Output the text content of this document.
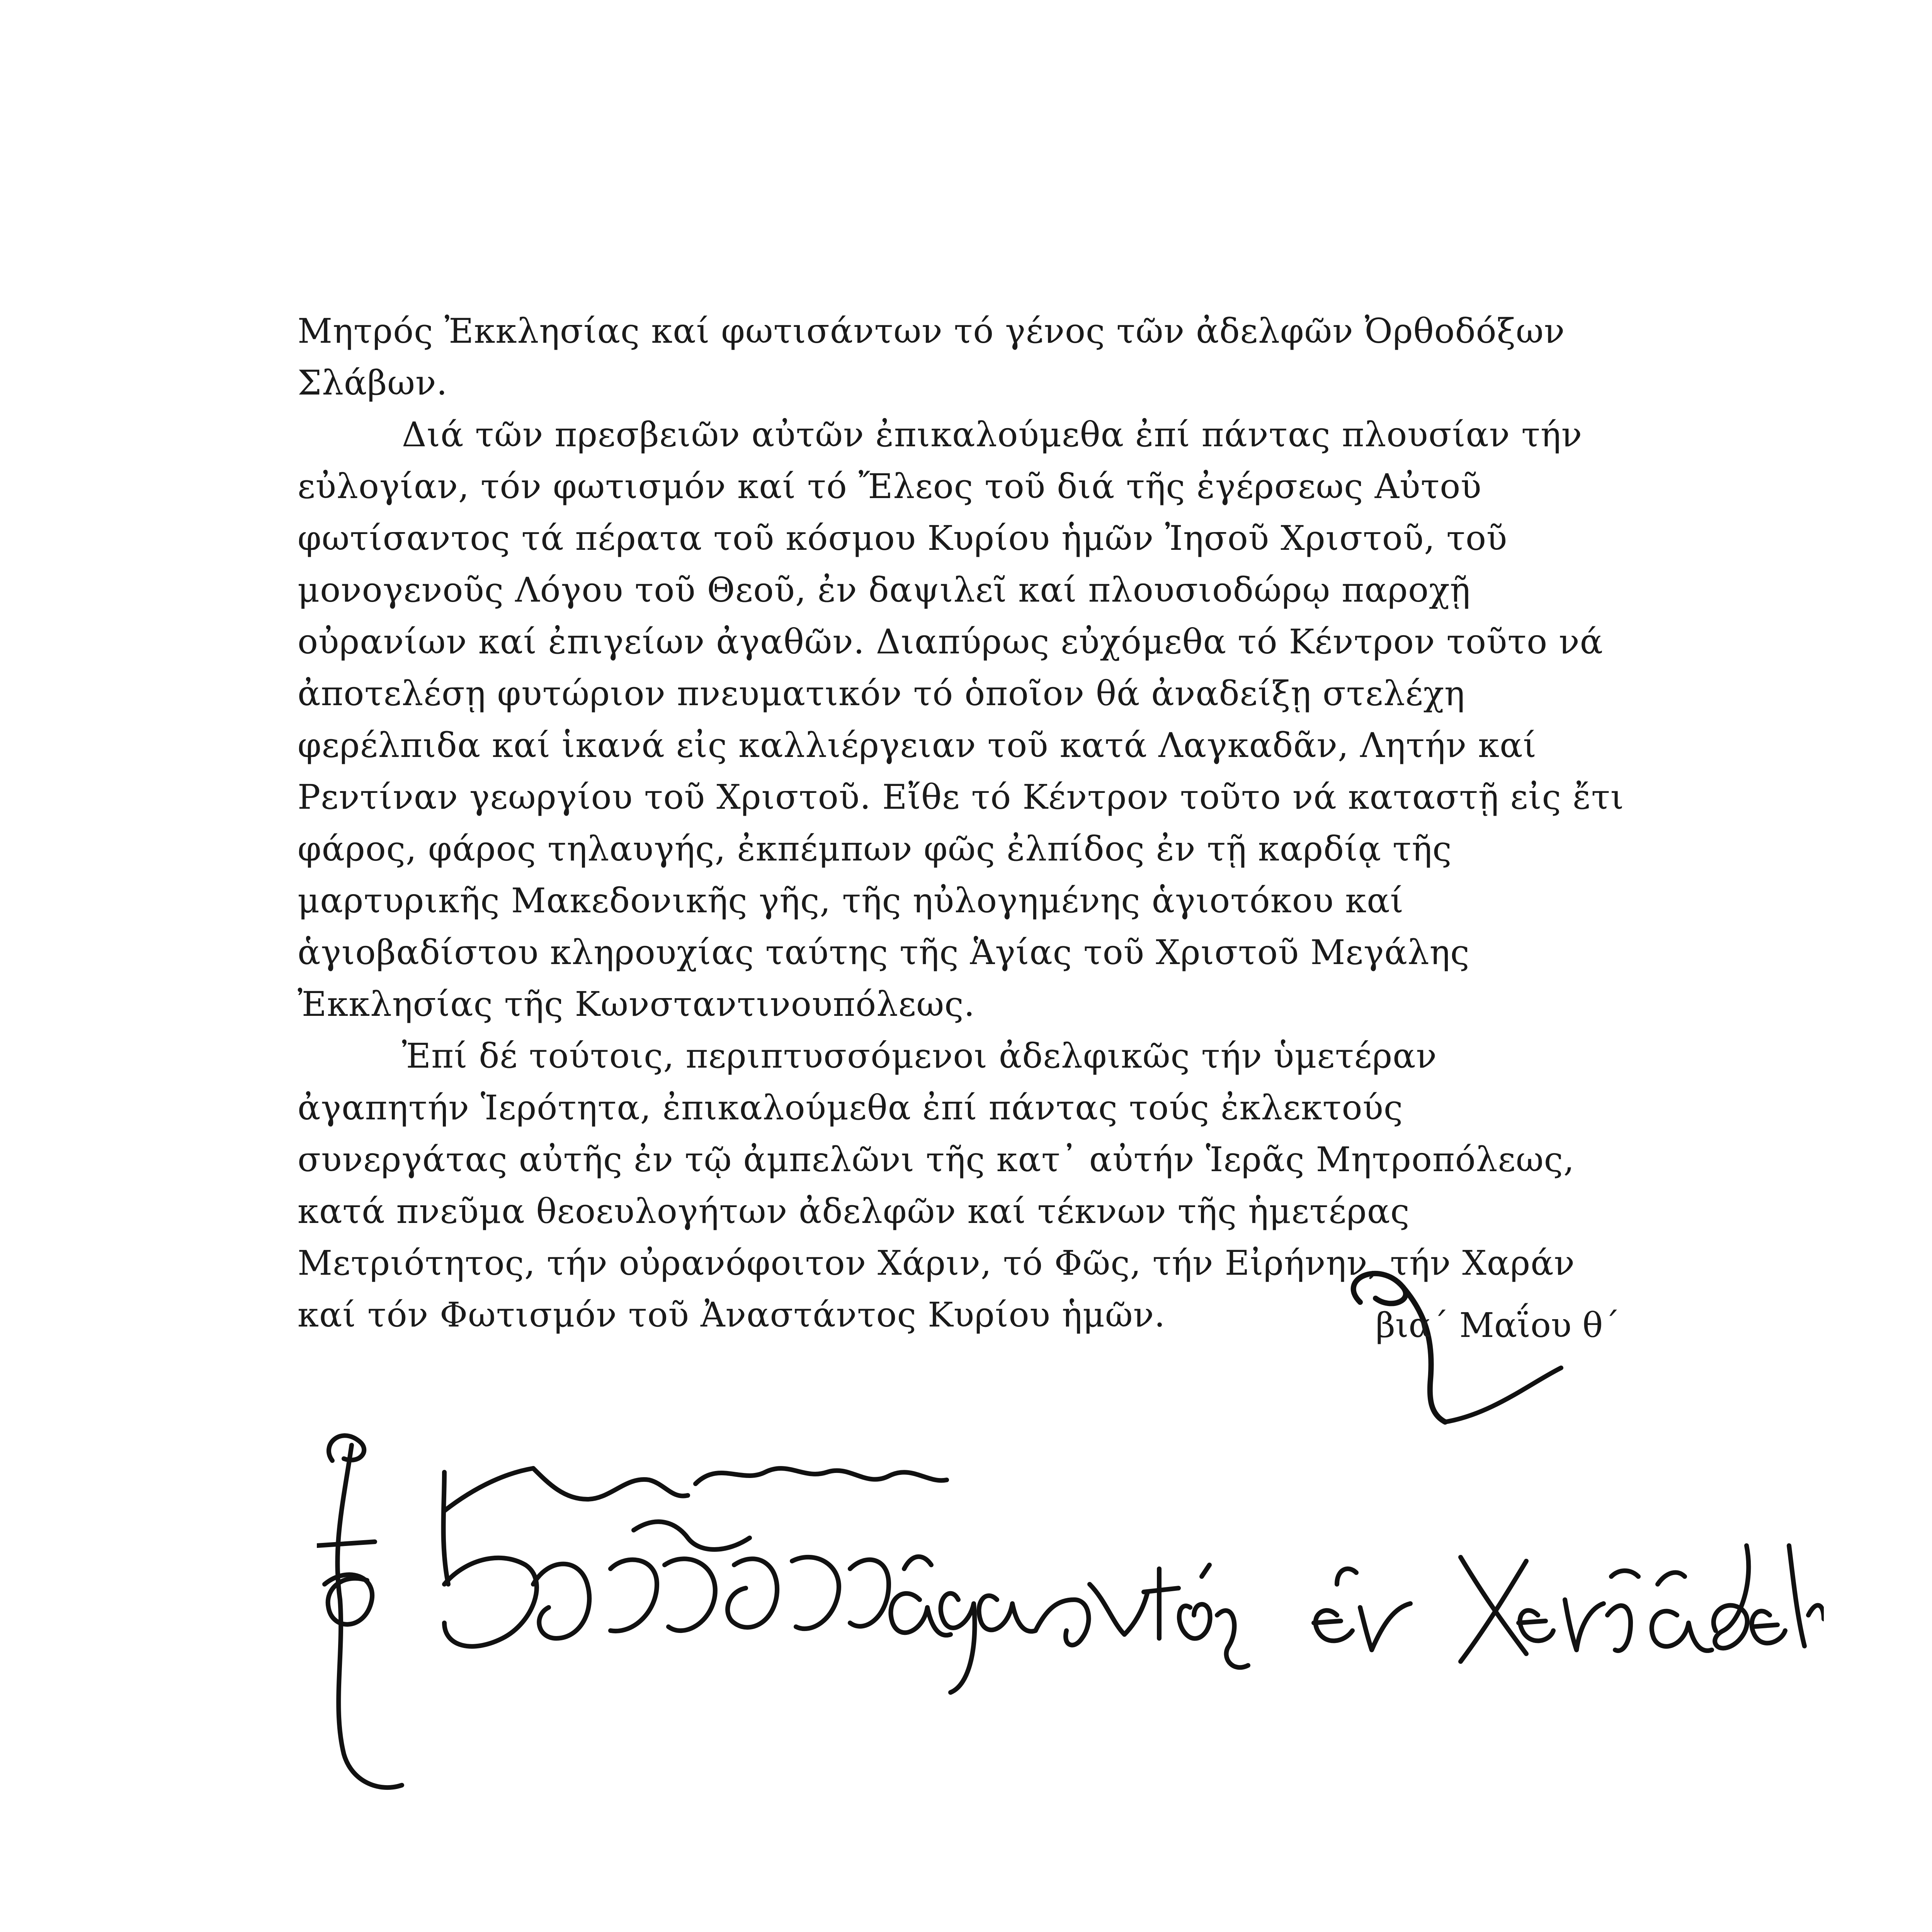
Μητρός Ἐκκλησίας καί φωτισάντων τό γένος τῶν ἀδελφῶν Ὀρθοδόξων
Σλάβων.

Διά τῶν πρεσβειῶν αὐτῶν ἐπικαλούμεθα ἐπί πάντας πλουσίαν τήν
εὐλογίαν, τόν φωτισμόν καί τό Ἔλεος τοῦ διά τῆς ἐγέρσεως Αὐτοῦ
φωτίσαντος τά πέρατα τοῦ κόσμου Κυρίου ἡμῶν Ἰησοῦ Χριστοῦ, τοῦ
μονογενοῦς Λόγου τοῦ Θεοῦ, ἐν δαψιλεῖ καί πλουσιοδώρῳ παροχῇ
οὐρανίων καί ἐπιγείων ἀγαθῶν. Διαπύρως εὐχόμεθα τό Κέντρον τοῦτο νά
ἀποτελέσῃ φυτώριον πνευματικόν τό ὁποῖον θά ἀναδείξῃ στελέχη
φερέλπιδα καί ἱκανά εἰς καλλιέργειαν τοῦ κατά Λαγκαδᾶν, Λητήν καί
Ρεντίναν γεωργίου τοῦ Χριστοῦ. Εἴθε τό Κέντρον τοῦτο νά καταστῇ εἰς ἔτι
φάρος, φάρος τηλαυγής, ἐκπέμπων φῶς ἐλπίδος ἐν τῇ καρδίᾳ τῆς
μαρτυρικῆς Μακεδονικῆς γῆς, τῆς ηὐλογημένης ἁγιοτόκου καί
ἁγιοβαδίστου κληρουχίας ταύτης τῆς Ἁγίας τοῦ Χριστοῦ Μεγάλης
Ἐκκλησίας τῆς Κωνσταντινουπόλεως.

Ἐπί δέ τούτοις, περιπτυσσόμενοι ἀδελφικῶς τήν ὑμετέραν
ἀγαπητήν Ἱερότητα, ἐπικαλούμεθα ἐπί πάντας τούς ἐκλεκτούς
συνεργάτας αὐτῆς ἐν τῷ ἀμπελῶνι τῆς κατ᾽ αὐτήν Ἱερᾶς Μητροπόλεως,
κατά πνεῦμα θεοευλογήτων ἀδελφῶν καί τέκνων τῆς ἡμετέρας
Μετριότητος, τήν οὐρανόφοιτον Χάριν, τό Φῶς, τήν Εἰρήνην, τήν Χαράν
καί τόν Φωτισμόν τοῦ Ἀναστάντος Κυρίου ἡμῶν.	βια´ Μαΐου θ´
